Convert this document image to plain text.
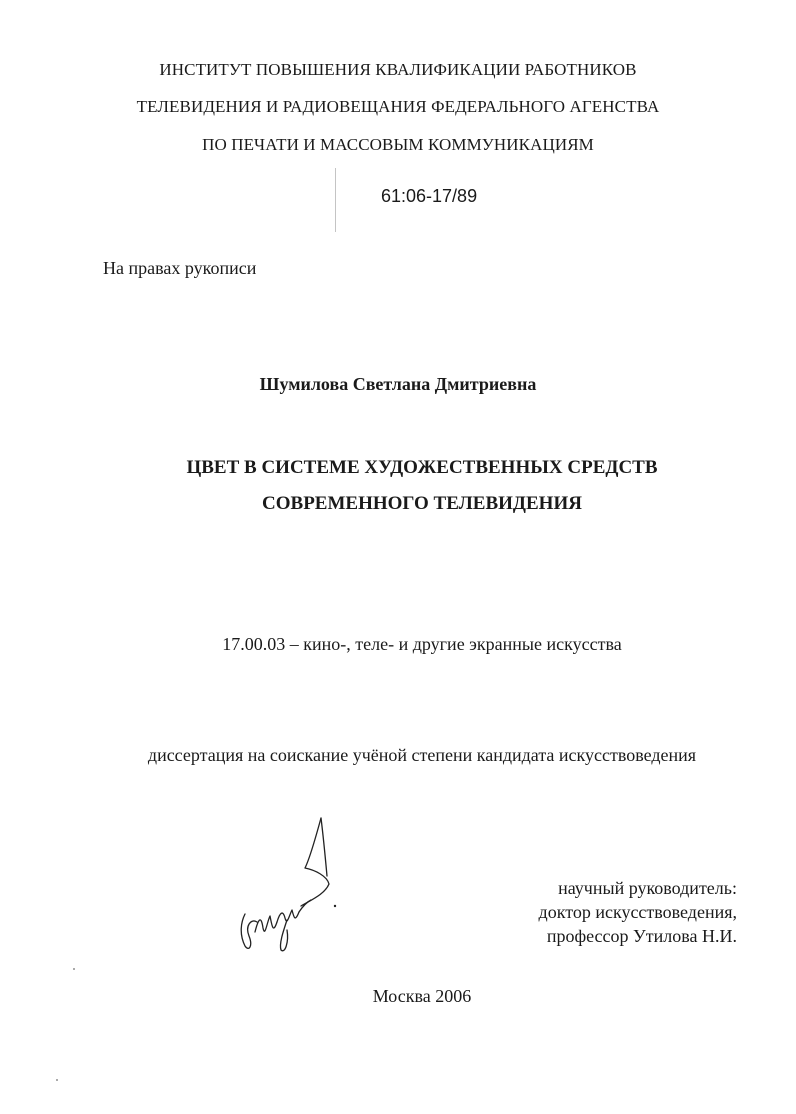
ИНСТИТУТ ПОВЫШЕНИЯ КВАЛИФИКАЦИИ РАБОТНИКОВ
ТЕЛЕВИДЕНИЯ И РАДИОВЕЩАНИЯ ФЕДЕРАЛЬНОГО АГЕНСТВА
ПО ПЕЧАТИ И МАССОВЫМ КОММУНИКАЦИЯМ
61:06-17/89
На правах рукописи
Шумилова Светлана Дмитриевна
ЦВЕТ В СИСТЕМЕ ХУДОЖЕСТВЕННЫХ СРЕДСТВ
СОВРЕМЕННОГО ТЕЛЕВИДЕНИЯ
17.00.03 – кино-, теле- и другие экранные искусства
диссертация на соискание учёной степени кандидата искусствоведения
научный руководитель:
доктор искусствоведения,
профессор Утилова Н.И.
Москва 2006
